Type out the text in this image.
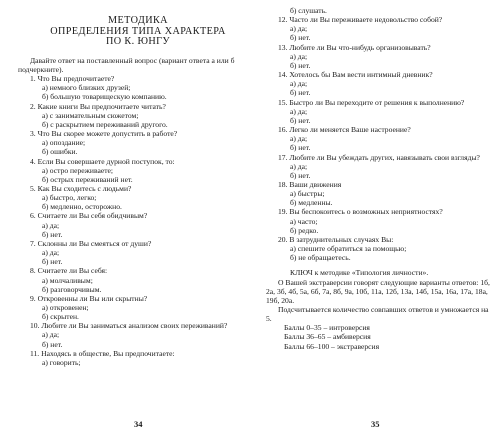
МЕТОДИКА
ОПРЕДЕЛЕНИЯ ТИПА ХАРАКТЕРА
ПО К. ЮНГУ
Давайте ответ на поставленный вопрос (вариант ответа а или б подчеркните).
1. Что Вы предпочитаете?
а) немного близких друзей;
б) большую товарищескую компанию.
2. Какие книги Вы предпочитаете читать?
а) с занимательным сюжетом;
б) с раскрытием переживаний другого.
3. Что Вы скорее можете допустить в работе?
а) опоздание;
б) ошибки.
4. Если Вы совершаете дурной поступок, то:
а) остро переживаете;
б) острых переживаний нет.
5. Как Вы сходитесь с людьми?
а) быстро, легко;
б) медленно, осторожно.
6. Считаете ли Вы себя обидчивым?
а) да;
б) нет.
7. Склонны ли Вы смеяться от души?
а) да;
б) нет.
8. Считаете ли Вы себя:
а) молчаливым;
б) разговорчивым.
9. Откровенны ли Вы или скрытны?
а) откровенен;
б) скрытен.
10. Любите ли Вы заниматься анализом своих переживаний?
а) да;
б) нет.
11. Находясь в обществе, Вы предпочитаете:
а) говорить;
34
б) слушать.
12. Часто ли Вы переживаете недовольство собой?
а) да;
б) нет.
13. Любите ли Вы что-нибудь организовывать?
а) да;
б) нет.
14. Хотелось бы Вам вести интимный дневник?
а) да;
б) нет.
15. Быстро ли Вы переходите от решения к выполнению?
а) да;
б) нет.
16. Легко ли меняется Ваше настроение?
а) да;
б) нет.
17. Любите ли Вы убеждать других, навязывать свои взгляды?
а) да;
б) нет.
18. Ваши движения
а) быстры;
б) медленны.
19. Вы беспокоитесь о возможных неприятностях?
а) часто;
б) редко.
20. В затруднительных случаях Вы:
а) спешите обратиться за помощью;
б) не обращаетесь.
КЛЮЧ к методике «Типология личности».
О Вашей экстраверсии говорят следующие варианты ответов: 1б, 2а, 3б, 4б, 5а, 6б, 7а, 8б, 9а, 10б, 11а, 12б, 13а, 14б, 15а, 16а, 17а, 18а, 19б, 20а.
Подсчитывается количество совпавших ответов и умножается на 5.
Баллы 0–35 – интроверсия
Баллы 36–65 – амбиверсия
Баллы 66–100 – экстраверсия
35
